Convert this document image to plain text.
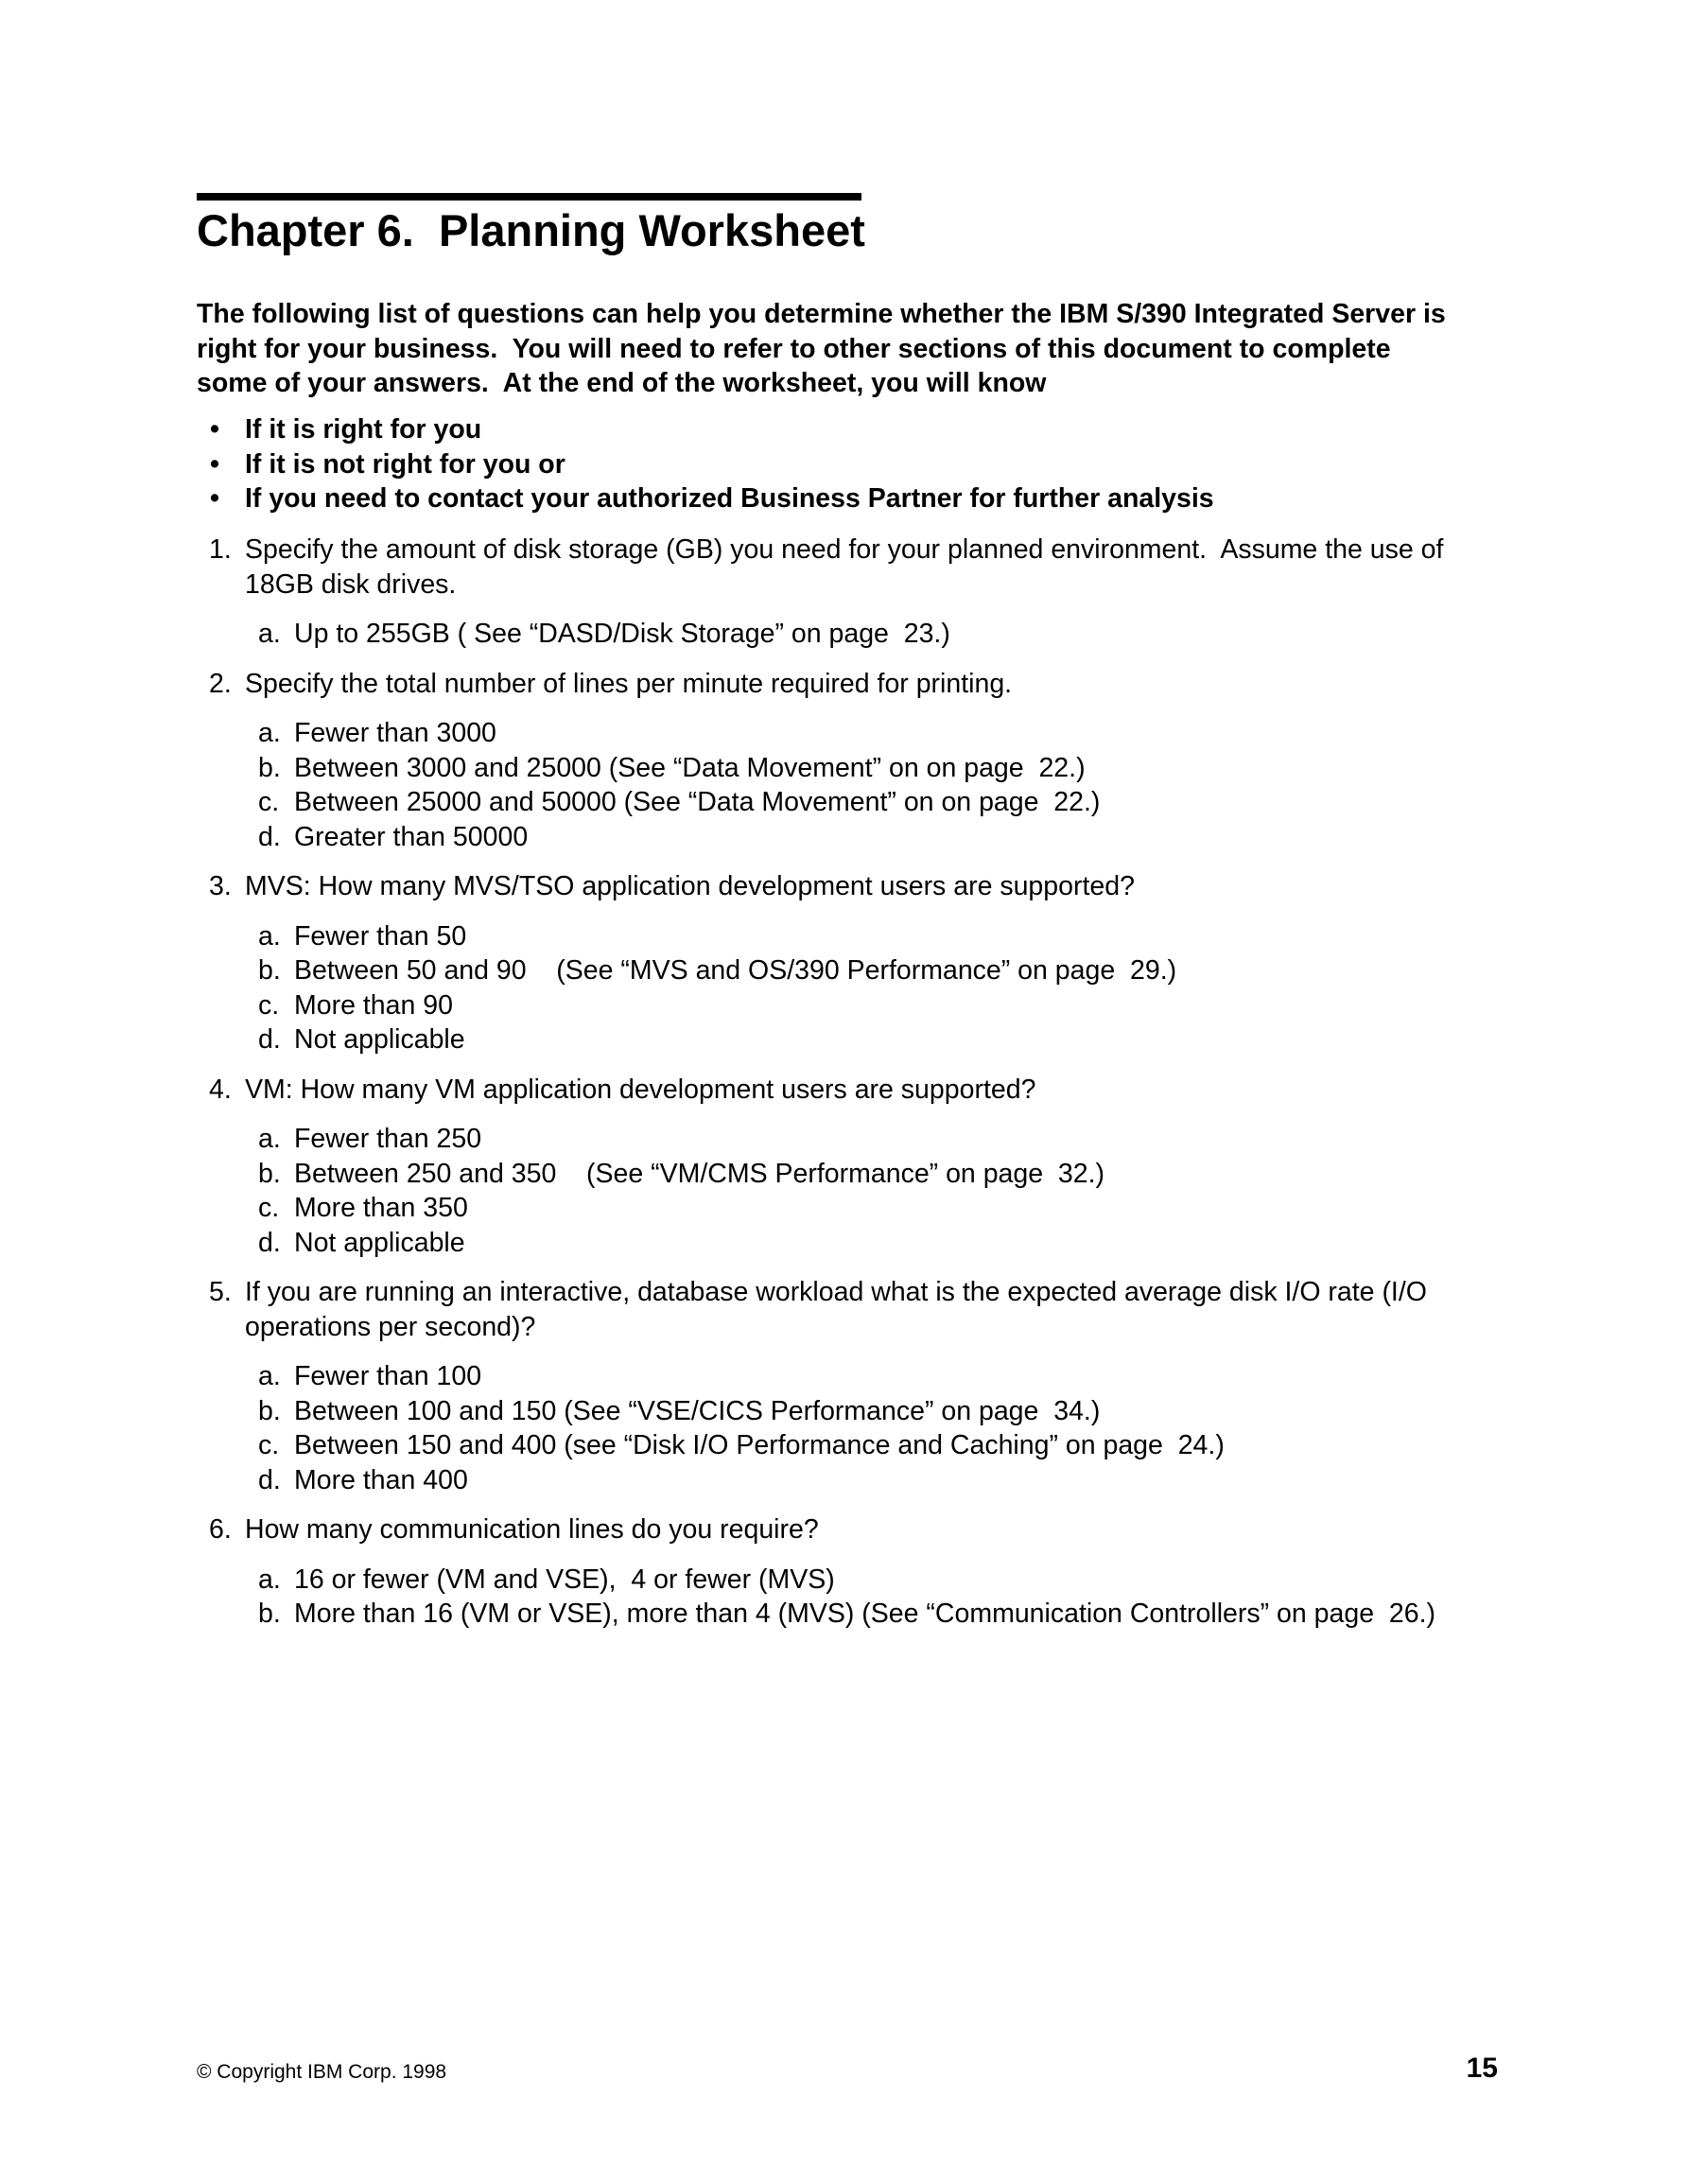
Chapter 6.  Planning Worksheet

The following list of questions can help you determine whether the IBM S/390 Integrated Server is
right for your business.  You will need to refer to other sections of this document to complete
some of your answers.  At the end of the worksheet, you will know

• If it is right for you
• If it is not right for you or
• If you need to contact your authorized Business Partner for further analysis
1. Specify the amount of disk storage (GB) you need for your planned environment.  Assume the use of
18GB disk drives.
a. Up to 255GB ( See “DASD/Disk Storage” on page  23.)
2. Specify the total number of lines per minute required for printing.
a. Fewer than 3000
b. Between 3000 and 25000 (See “Data Movement” on on page  22.)
c. Between 25000 and 50000 (See “Data Movement” on on page  22.)
d. Greater than 50000
3. MVS: How many MVS/TSO application development users are supported?
a. Fewer than 50
b. Between 50 and 90    (See “MVS and OS/390 Performance” on page  29.)
c. More than 90
d. Not applicable
4. VM: How many VM application development users are supported?
a. Fewer than 250
b. Between 250 and 350    (See “VM/CMS Performance” on page  32.)
c. More than 350
d. Not applicable
5. If you are running an interactive, database workload what is the expected average disk I/O rate (I/O
operations per second)?
a. Fewer than 100
b. Between 100 and 150 (See “VSE/CICS Performance” on page  34.)
c. Between 150 and 400 (see “Disk I/O Performance and Caching” on page  24.)
d. More than 400
6. How many communication lines do you require?
a. 16 or fewer (VM and VSE),  4 or fewer (MVS)
b. More than 16 (VM or VSE), more than 4 (MVS) (See “Communication Controllers” on page  26.)
© Copyright IBM Corp. 1998	15
